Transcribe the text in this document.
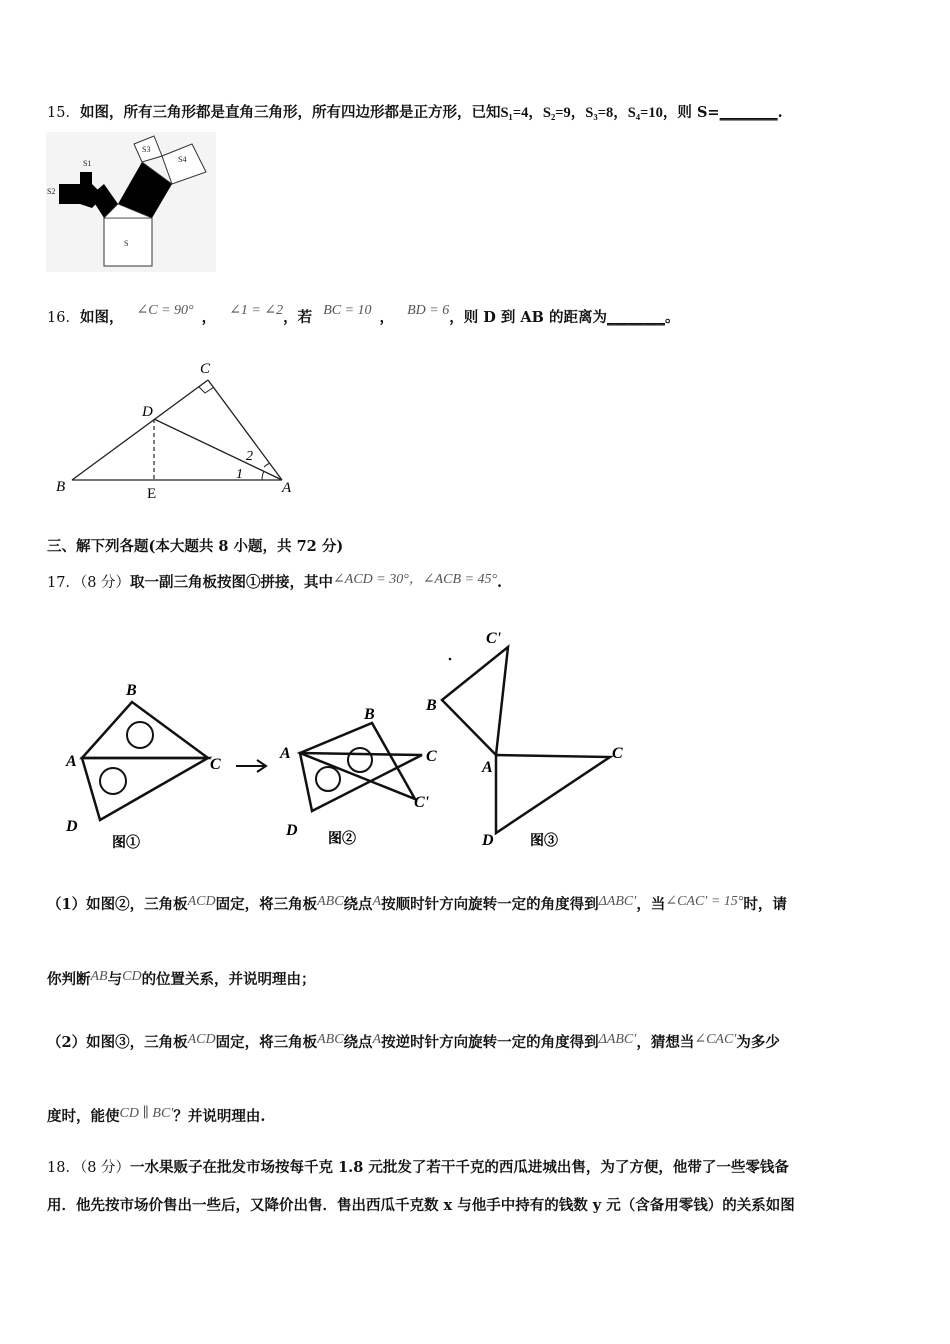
15．如图，所有三角形都是直角三角形，所有四边形都是正方形，已知S₁=4，S₂=9，S₃=8，S₄=10，则 S=________.
S1
S2
S3
S4
S
16．如图， ∠C = 90° ， ∠1 = ∠2，若 BC = 10 ， BD = 6，则 D 到 AB 的距离为________。
C
D
B	E	A
1
2
三、解下列各题(本大题共 8 小题，共 72 分)
17．（8 分）取一副三角板按图①拼接，其中∠ACD = 30°，∠ACB = 45°.
B
A	C
D
图①
B
A	C
C'
D
图②
C'
B
A
C
D	图③
（1）如图②，三角板ACD固定，将三角板ABC绕点A按顺时针方向旋转一定的角度得到ΔABC′，当∠CAC′ = 15°时，请
你判断AB与CD的位置关系，并说明理由；
（2）如图③，三角板ACD固定，将三角板ABC绕点A按逆时针方向旋转一定的角度得到ΔABC′，猜想当∠CAC′为多少
度时，能使CD ∥ BC′？并说明理由.
18．（8 分）一水果贩子在批发市场按每千克 1.8 元批发了若干千克的西瓜进城出售，为了方便，他带了一些零钱备
用．他先按市场价售出一些后，又降价出售．售出西瓜千克数 x 与他手中持有的钱数 y 元（含备用零钱）的关系如图
